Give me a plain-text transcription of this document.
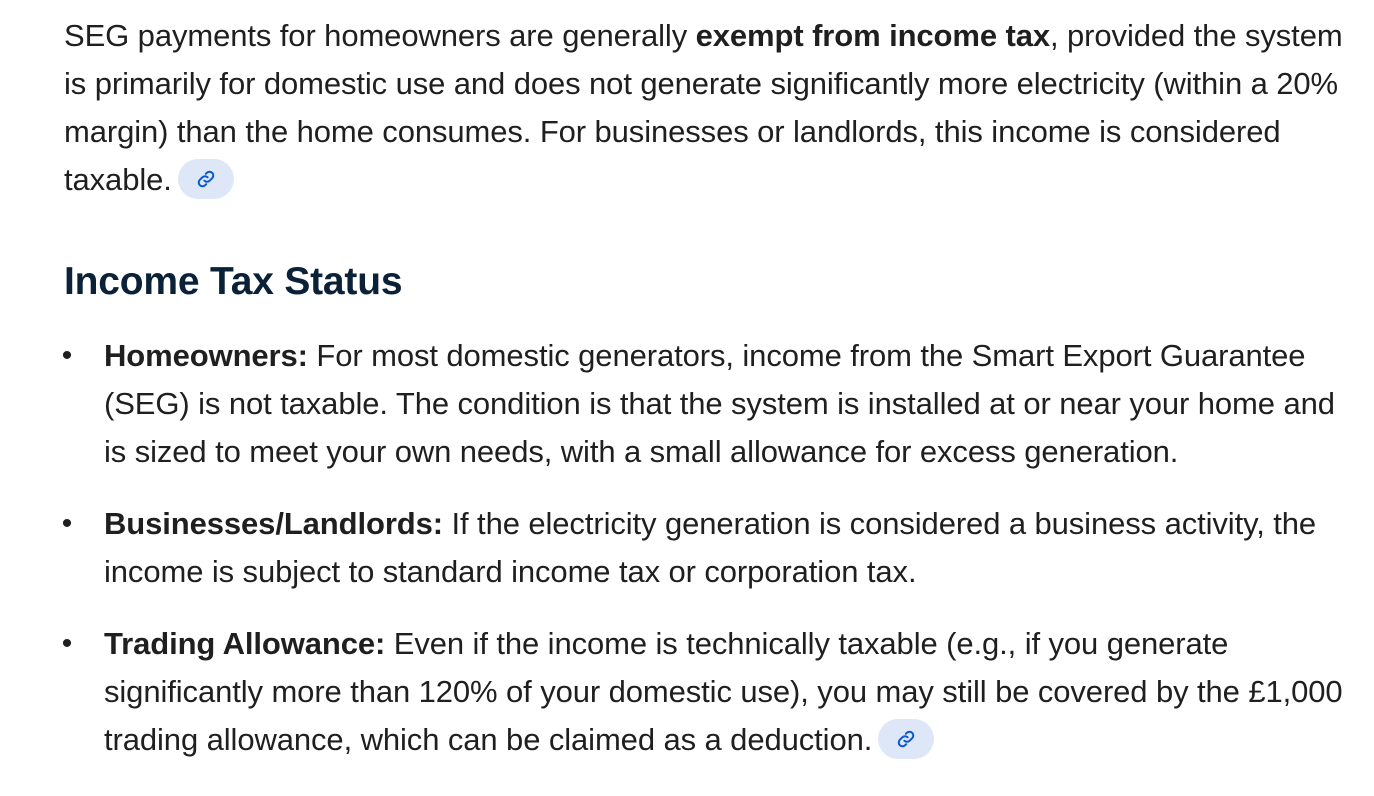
SEG payments for homeowners are generally exempt from income tax, provided the system is primarily for domestic use and does not generate significantly more electricity (within a 20% margin) than the home consumes. For businesses or landlords, this income is considered taxable.

Income Tax Status
• Homeowners: For most domestic generators, income from the Smart Export Guarantee (SEG) is not taxable. The condition is that the system is installed at or near your home and is sized to meet your own needs, with a small allowance for excess generation.
• Businesses/Landlords: If the electricity generation is considered a business activity, the income is subject to standard income tax or corporation tax.
• Trading Allowance: Even if the income is technically taxable (e.g., if you generate significantly more than 120% of your domestic use), you may still be covered by the £1,000 trading allowance, which can be claimed as a deduction.
